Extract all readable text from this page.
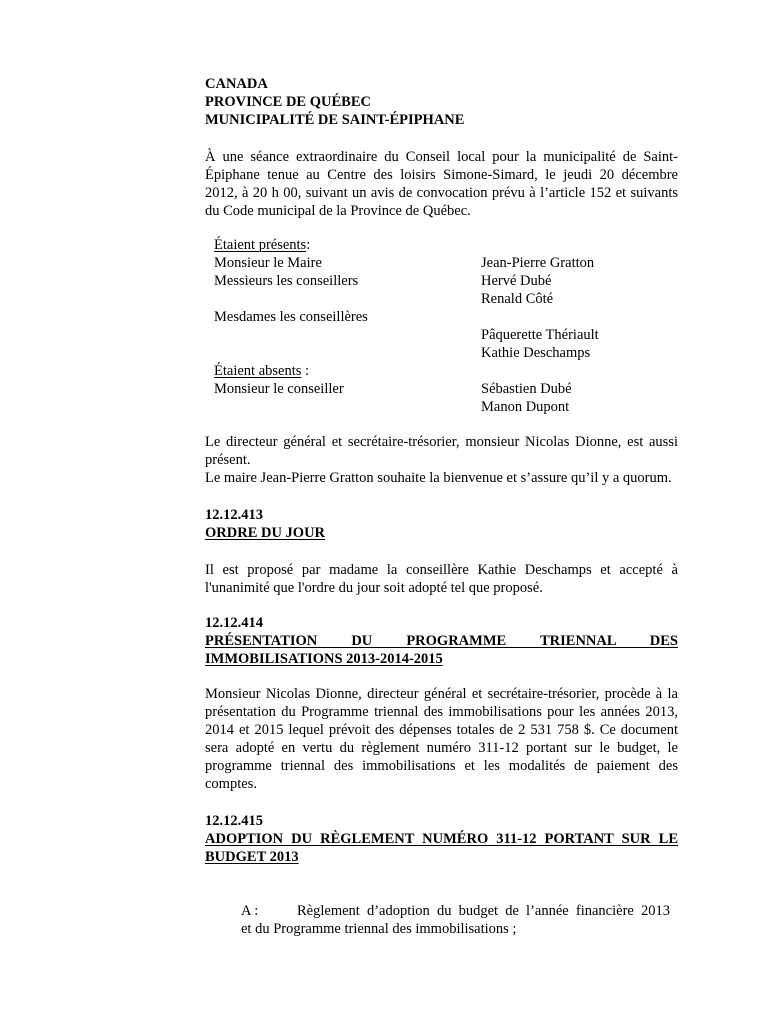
CANADA
PROVINCE DE QUÉBEC
MUNICIPALITÉ DE SAINT-ÉPIPHANE
À une séance extraordinaire du Conseil local pour la municipalité de Saint-
Épiphane tenue au Centre des loisirs Simone-Simard, le jeudi 20 décembre
2012, à 20 h 00, suivant un avis de convocation prévu à l’article 152 et suivants
du Code municipal de la Province de Québec.
Étaient présents:
Monsieur le Maire	Jean-Pierre Gratton
Messieurs les conseillers	Hervé Dubé
Renald Côté
Mesdames les conseillères
Pâquerette Thériault
Kathie Deschamps
Étaient absents :
Monsieur le conseiller	Sébastien Dubé
Manon Dupont
Le directeur général et secrétaire-trésorier, monsieur Nicolas Dionne, est aussi
présent.
Le maire Jean-Pierre Gratton souhaite la bienvenue et s’assure qu’il y a quorum.
12.12.413
ORDRE DU JOUR
Il est proposé par madame la conseillère Kathie Deschamps et accepté à
l'unanimité que l'ordre du jour soit adopté tel que proposé.
12.12.414
PRÉSENTATION DU PROGRAMME TRIENNAL DES
IMMOBILISATIONS 2013-2014-2015
Monsieur Nicolas Dionne, directeur général et secrétaire-trésorier, procède à la
présentation du Programme triennal des immobilisations pour les années 2013,
2014 et 2015 lequel prévoit des dépenses totales de 2 531 758 $. Ce document
sera adopté en vertu du règlement numéro 311-12 portant sur le budget, le
programme triennal des immobilisations et les modalités de paiement des
comptes.
12.12.415
ADOPTION DU RÈGLEMENT NUMÉRO 311-12 PORTANT SUR LE
BUDGET 2013
A :	Règlement d’adoption du budget de l’année financière 2013
et du Programme triennal des immobilisations ;
